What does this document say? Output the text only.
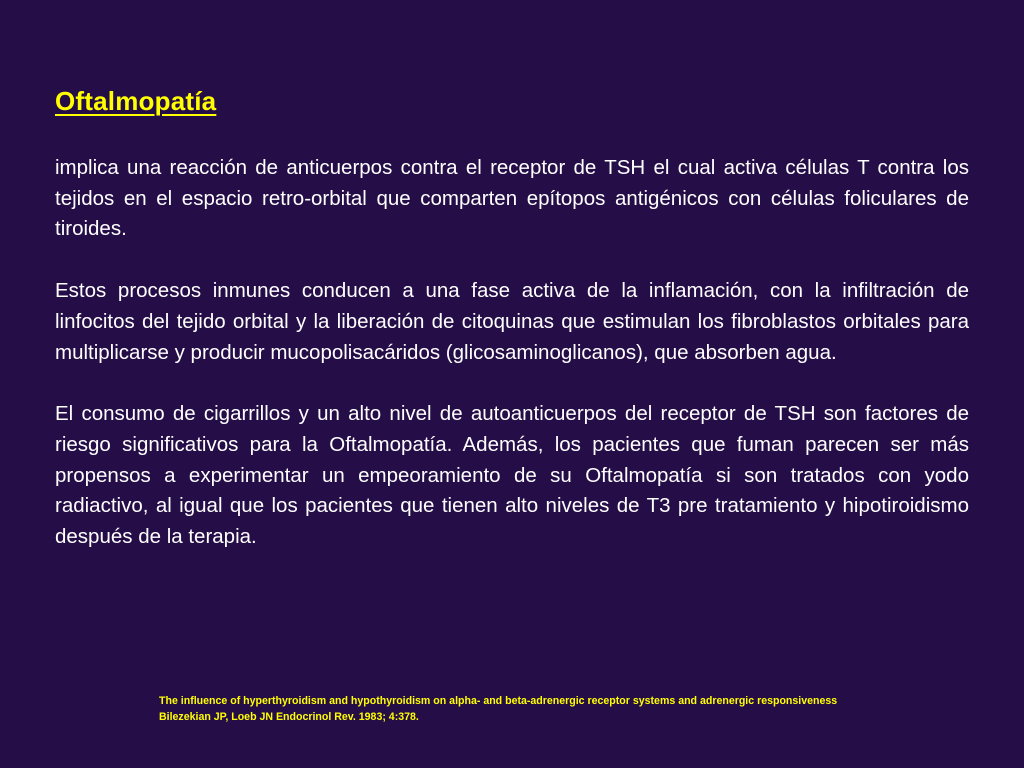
Oftalmopatía

implica una reacción de anticuerpos contra el receptor de TSH el cual activa células T contra los tejidos en el espacio retro-orbital que comparten epítopos antigénicos con células foliculares de tiroides.

Estos procesos inmunes conducen a una fase activa de la inflamación, con la infiltración de linfocitos del tejido orbital y la liberación de citoquinas que estimulan los fibroblastos orbitales para multiplicarse y producir mucopolisacáridos (glicosaminoglicanos), que absorben agua.

El consumo de cigarrillos y un alto nivel de autoanticuerpos del receptor de TSH son factores de riesgo significativos para la Oftalmopatía. Además, los pacientes que fuman parecen ser más propensos a experimentar un empeoramiento de su Oftalmopatía si son tratados con yodo radiactivo, al igual que los pacientes que tienen alto niveles de T3 pre tratamiento y hipotiroidismo después de la terapia.

The influence of hyperthyroidism and hypothyroidism on alpha- and beta-adrenergic receptor systems and adrenergic responsiveness

Bilezekian JP, Loeb JN Endocrinol Rev. 1983; 4:378.
